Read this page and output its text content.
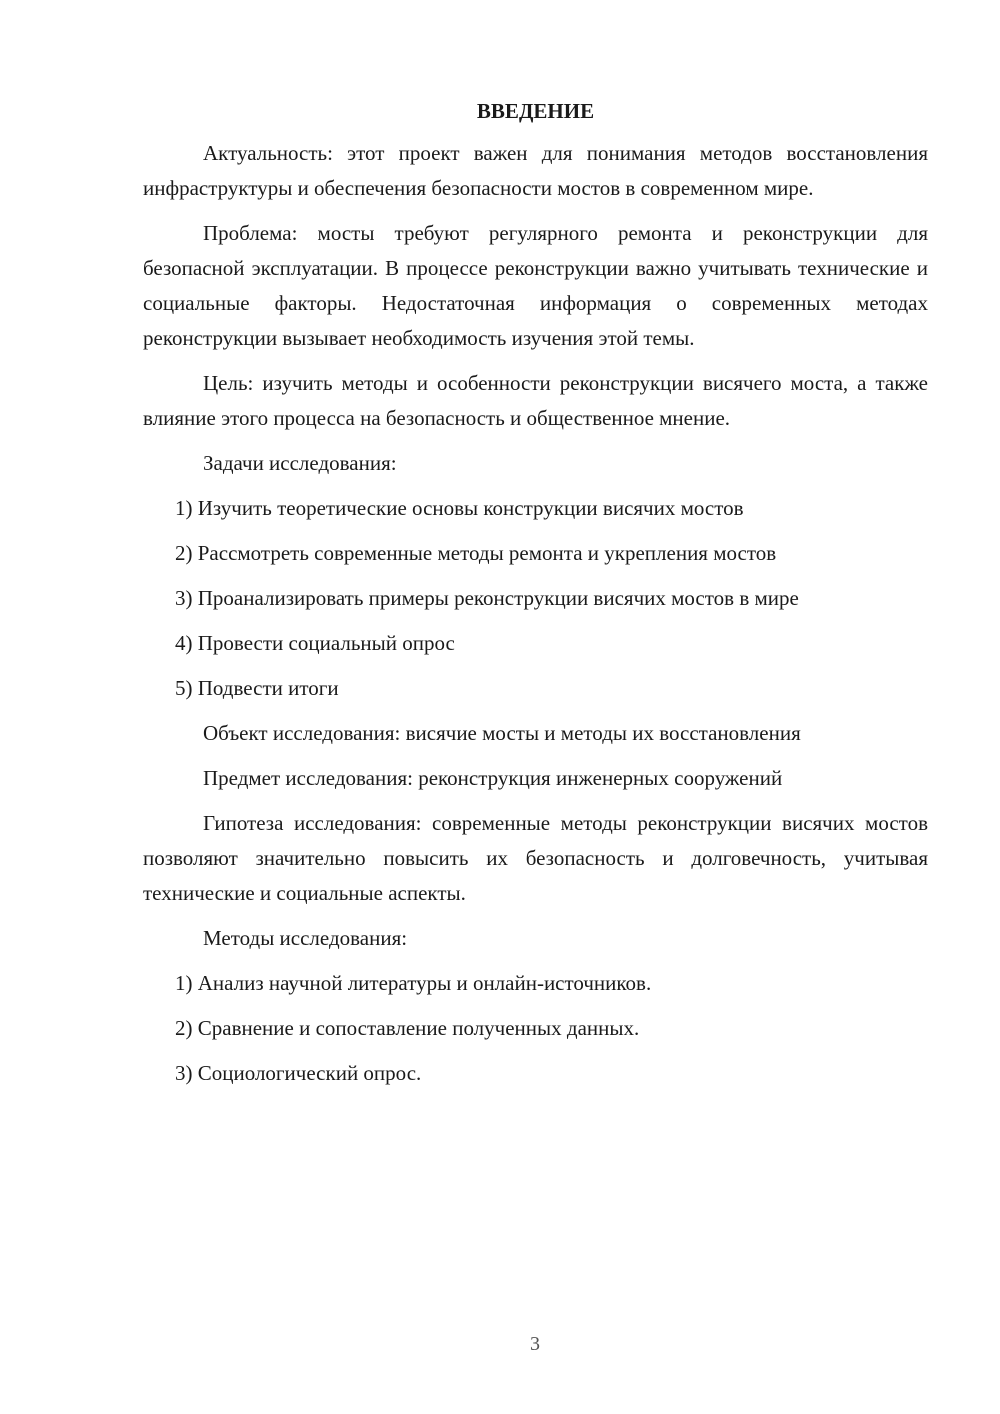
ВВЕДЕНИЕ

Актуальность: этот проект важен для понимания методов восстановления инфраструктуры и обеспечения безопасности мостов в современном мире.

Проблема: мосты требуют регулярного ремонта и реконструкции для безопасной эксплуатации. В процессе реконструкции важно учитывать технические и социальные факторы. Недостаточная информация о современных методах реконструкции вызывает необходимость изучения этой темы.

Цель: изучить методы и особенности реконструкции висячего моста, а также влияние этого процесса на безопасность и общественное мнение.

Задачи исследования:
1) Изучить теоретические основы конструкции висячих мостов
2) Рассмотреть современные методы ремонта и укрепления мостов
3) Проанализировать примеры реконструкции висячих мостов в мире
4) Провести социальный опрос
5) Подвести итоги
Объект исследования: висячие мосты и методы их восстановления
Предмет исследования: реконструкция инженерных сооружений

Гипотеза исследования: современные методы реконструкции висячих мостов позволяют значительно повысить их безопасность и долговечность, учитывая технические и социальные аспекты.

Методы исследования:
1) Анализ научной литературы и онлайн-источников.
2) Сравнение и сопоставление полученных данных.
3) Социологический опрос.
3
